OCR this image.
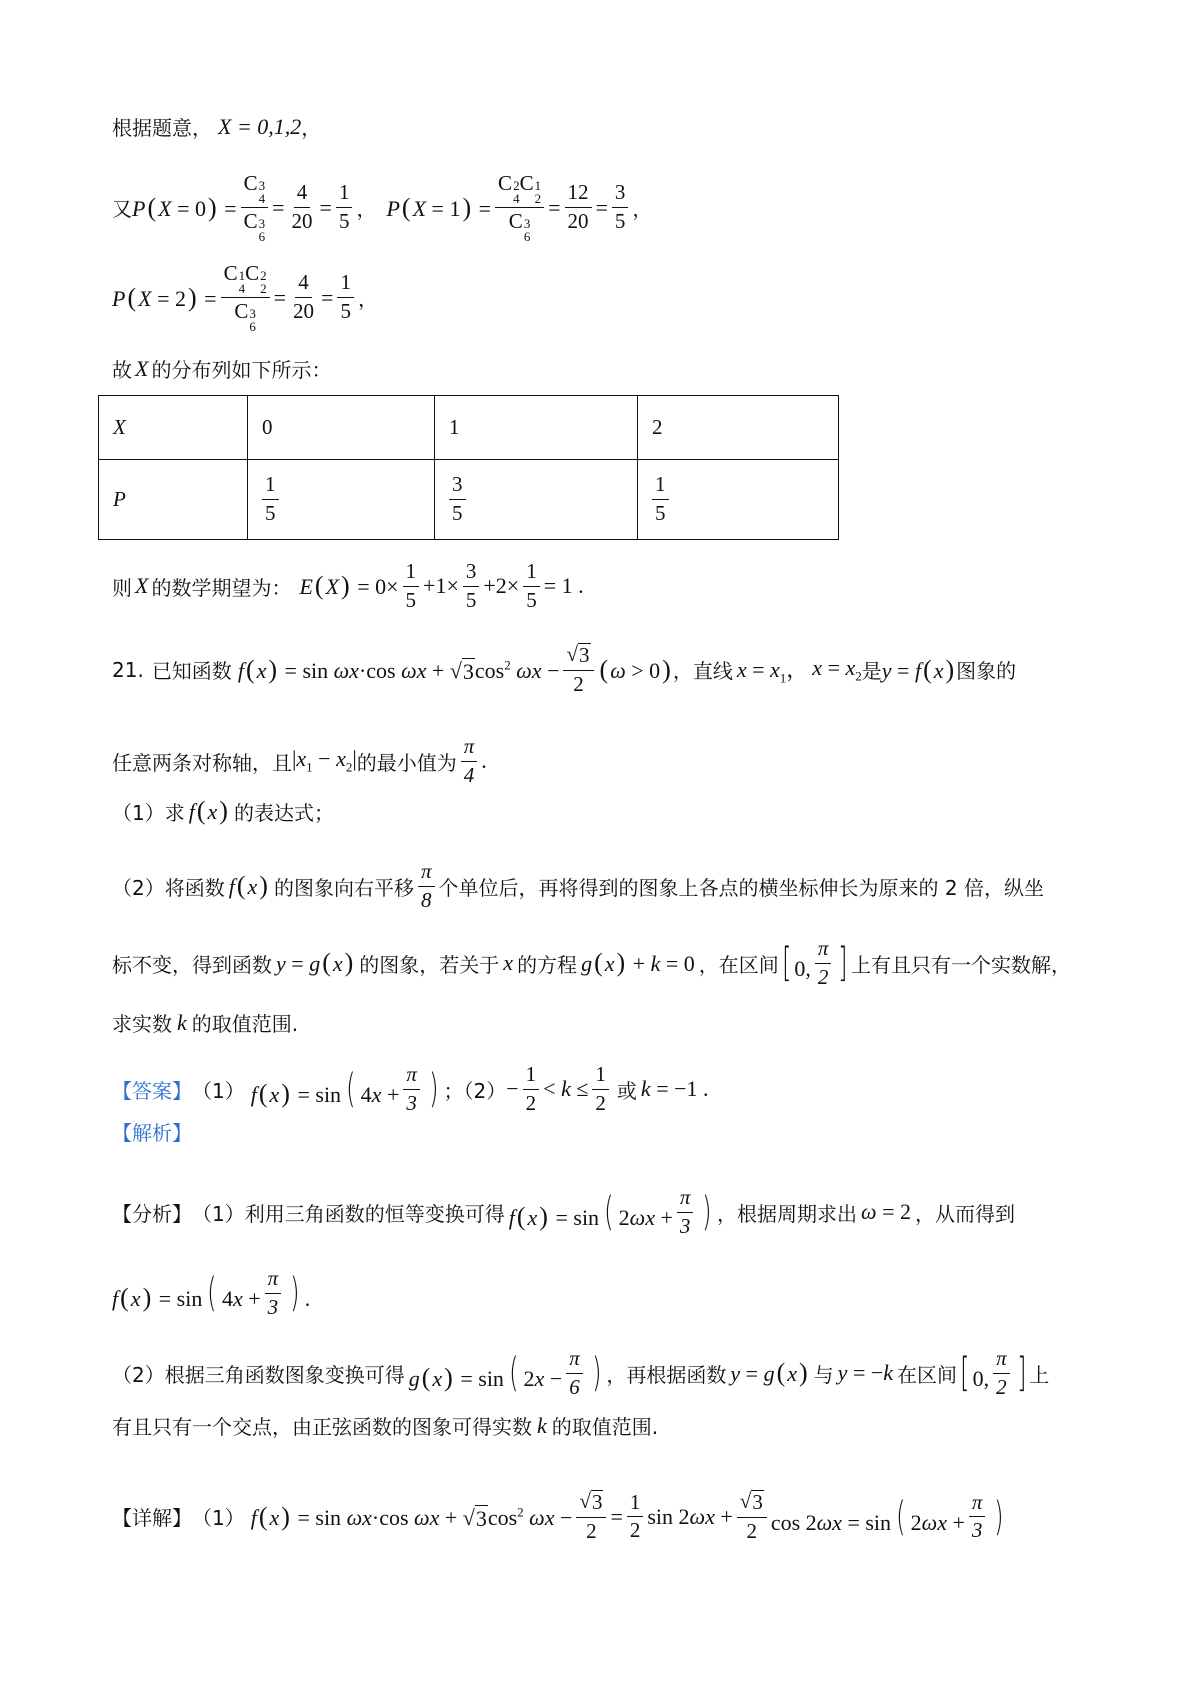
根据题意， X = 0,1,2 ，
又 P(X = 0) = C 3
4
C 3
$6 = \frac{4}{20} = \frac{1}{5}$ ， P(X = 1) = C 2
4
C 1
2
C 3
$6 = \frac{12}{20} = \frac{3}{5}$ ，
P(X = 2) = C 1
4
C 2
2
C 3
$6 = \frac{4}{20} = \frac{1}{5}$ ，
故 X 的分布列如下所示：
X	0	1	2
P	$\frac{1}{5}$	$\frac{3}{5}$	$\frac{1}{5}$
则 X 的数学期望为： $E(X) = 0\times \frac{1}{5} +1\times \frac{3}{5} +2\times \frac{1}{5} = 1$ .
21. 已知函数 f(x) = sin ωx·cos ωx + √ 3 $\cos^2 \omega x - \frac{√ 3}{2} (\omega > 0)$ ，直线 $x = x_1$， $x = x_2$ 是 y = f(x) 图象的
任意两条对称轴，且 $|x_1 - x_2|$ 的最小值为 $\frac{\pi}{4}$ .
（1）求 f(x) 的表达式；
（2）将函数 f(x) 的图象向右平移 $\frac{\pi}{8}$ 个单位后，再将得到的图象上各点的横坐标伸长为原来的 2 倍，纵坐
标不变，得到函数 y = g(x) 的图象，若关于 x 的方程 g(x) + k = 0 ，在区间 [ 0, $\frac{\pi}{2}$ ] 上有且只有一个实数解，
求实数 k 的取值范围.
【答案】 （1） f(x) = sin ( $4x + \frac{\pi}{3}$ ) ；$(2) - \frac{1}{2} < k \le \frac{1}{2}$ 或 k = −1 .
【解析】
【分析】 （1）利用三角函数的恒等变换可得 f(x) = sin ( $2\omega x + \frac{\pi}{3}$ ) ，根据周期求出 ω = 2 ，从而得到
f(x) = sin ( $4x + \frac{\pi}{3}$ ) .
（2）根据三角函数图象变换可得 g(x) = sin ( $2x - \frac{\pi}{6}$ ) ，再根据函数 y = g(x) 与 y = −k 在区间 [ 0, $\frac{\pi}{2}$ ] 上
有且只有一个交点，由正弦函数的图象可得实数 k 的取值范围.
【详解】 （1） f(x) = sin ωx·cos ωx + √ 3 $\cos^2 \omega x - \frac{√ 3}{2} = \frac{1}{2}$ $\sin 2\omega x + \frac{√ 3}{2}$ cos 2ωx = sin ( $2\omega x + \frac{\pi}{3}$ )
